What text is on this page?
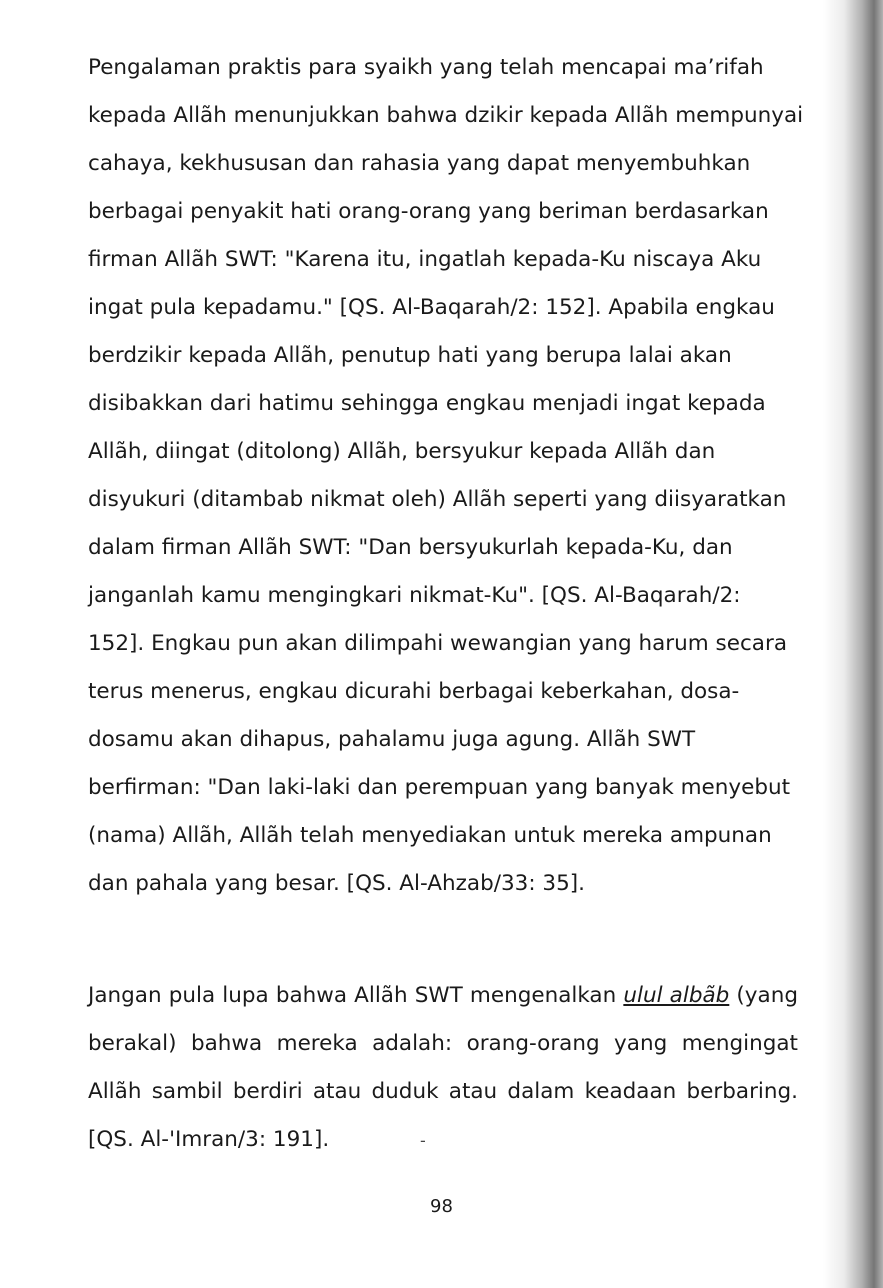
Pengalaman praktis para syaikh yang telah mencapai ma’rifah
kepada Allãh menunjukkan bahwa dzikir kepada Allãh mempunyai
cahaya, kekhususan dan rahasia yang dapat menyembuhkan
berbagai penyakit hati orang-orang yang beriman berdasarkan
firman Allãh SWT: "Karena itu, ingatlah kepada-Ku niscaya Aku
ingat pula kepadamu." [QS. Al-Baqarah/2: 152]. Apabila engkau
berdzikir kepada Allãh, penutup hati yang berupa lalai akan
disibakkan dari hatimu sehingga engkau menjadi ingat kepada
Allãh, diingat (ditolong) Allãh, bersyukur kepada Allãh dan
disyukuri (ditambab nikmat oleh) Allãh seperti yang diisyaratkan
dalam firman Allãh SWT: "Dan bersyukurlah kepada-Ku, dan
janganlah kamu mengingkari nikmat-Ku". [QS. Al-Baqarah/2:
152]. Engkau pun akan dilimpahi wewangian yang harum secara
terus menerus, engkau dicurahi berbagai keberkahan, dosa-
dosamu akan dihapus, pahalamu juga agung. Allãh SWT
berfirman: "Dan laki-laki dan perempuan yang banyak menyebut
(nama) Allãh, Allãh telah menyediakan untuk mereka ampunan
dan pahala yang besar. [QS. Al-Ahzab/33: 35].
Jangan pula lupa bahwa Allãh SWT mengenalkan ulul albãb (yang
berakal) bahwa mereka adalah: orang-orang yang mengingat
Allãh sambil berdiri atau duduk atau dalam keadaan berbaring.
[QS. Al-'Imran/3: 191].	-
98
